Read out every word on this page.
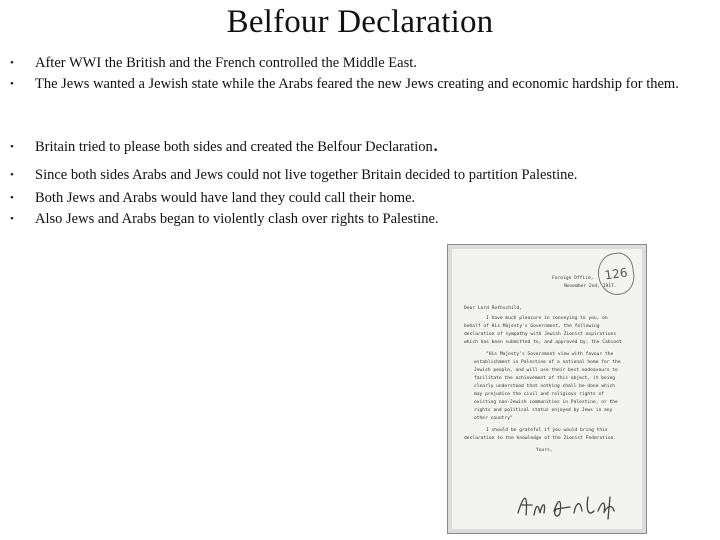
Belfour Declaration
•	After WWI the British and the French controlled the Middle East.
•	The Jews wanted a Jewish state while the Arabs feared the new Jews creating and economic hardship for them.
•	Britain tried to please both sides and created the Belfour Declaration.
•	Since both sides Arabs and Jews could not live together Britain decided to partition Palestine.
•	Both Jews and Arabs would have land they could call their home.
•	Also Jews and Arabs began to violently clash over rights to Palestine.
126
Foreign Office,
November 2nd, 1917.
Dear Lord Rothschild,
I have much pleasure in conveying to you, on
behalf of His Majesty's Government, the following
declaration of sympathy with Jewish Zionist aspirations
which has been submitted to, and approved by, the Cabinet
"His Majesty's Government view with favour the
establishment in Palestine of a national home for the
Jewish people, and will use their best endeavours to
facilitate the achievement of this object, it being
clearly understood that nothing shall be done which
may prejudice the civil and religious rights of
existing non-Jewish communities in Palestine, or the
rights and political status enjoyed by Jews in any
other country"
I should be grateful if you would bring this
declaration to the knowledge of the Zionist Federation.
Yours,
